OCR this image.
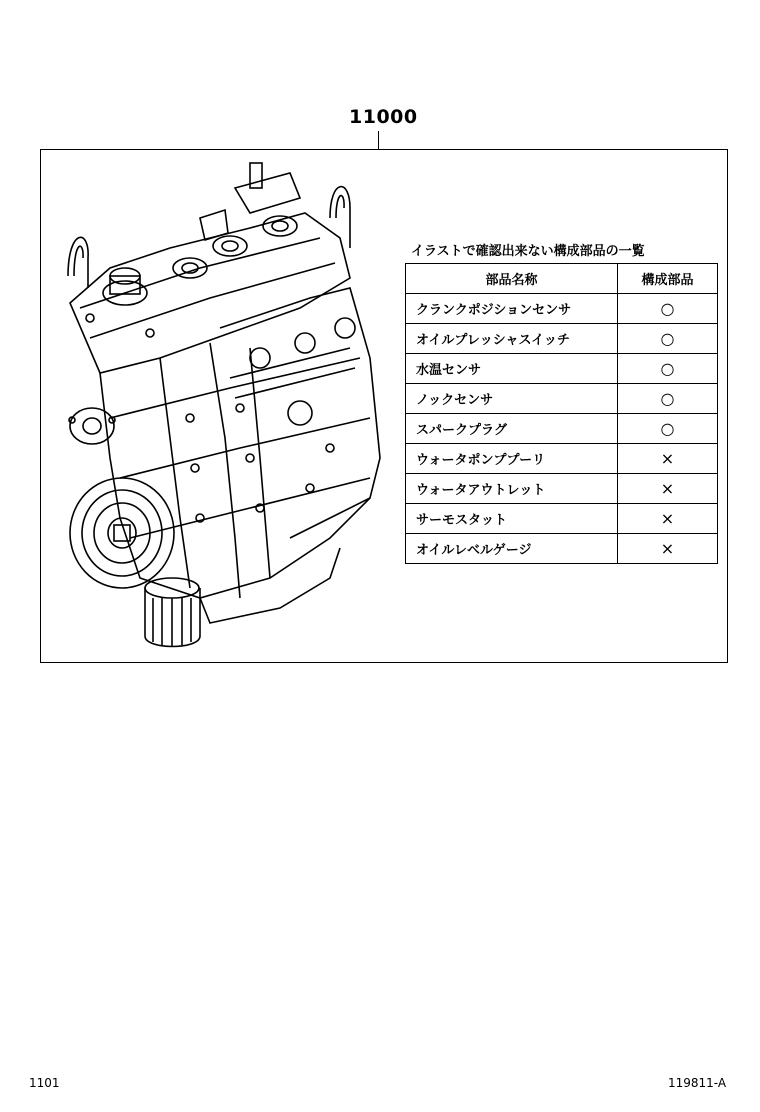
11000
イラストで確認出来ない構成部品の一覧
部品名称	構成部品
クランクポジションセンサ	○
オイルプレッシャスイッチ	○
水温センサ	○
ノックセンサ	○
スパークプラグ	○
ウォータポンププーリ	×
ウォータアウトレット	×
サーモスタット	×
オイルレベルゲージ	×
1101	119811-A
